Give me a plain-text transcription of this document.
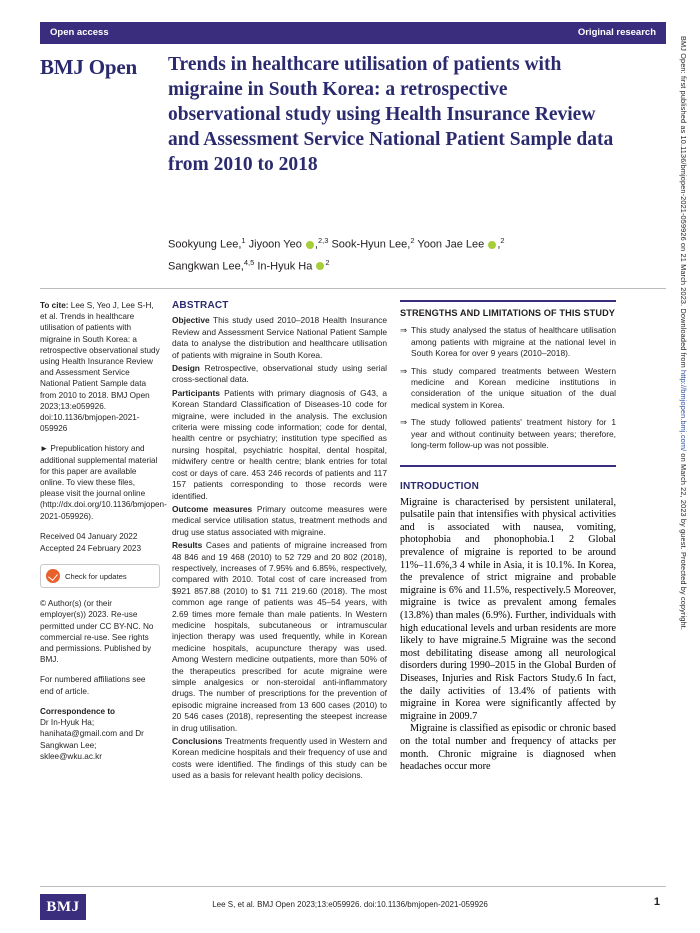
BMJ Open: first published as 10.1136/bmjopen-2021-059926 on 21 March 2023. Downloaded from http://bmjopen.bmj.com/ on March 22, 2023 by guest. Protected by copyright.
Open access	Original research
BMJ Open	Trends in healthcare utilisation of patients with migraine in South Korea: a retrospective observational study using Health Insurance Review and Assessment Service National Patient Sample data from 2010 to 2018
Sookyung Lee,$^1$ Jiyoon Yeo ,$^{2,3}$ Sook-Hyun Lee,$^2$ Yoon Jae Lee ,$^2$
Sangkwan Lee,$^{4,5}$ In-Hyuk Ha $^2$

To cite: Lee S, Yeo J, Lee S-H, et al. Trends in healthcare utilisation of patients with migraine in South Korea: a retrospective observational study using Health Insurance Review and Assessment Service National Patient Sample data from 2010 to 2018. BMJ Open 2023;13:e059926. doi:10.1136/bmjopen-2021-059926

► Prepublication history and additional supplemental material for this paper are available online. To view these files, please visit the journal online (http://dx.doi.org/10.1136/bmjopen-2021-059926).

Received 04 January 2022

Accepted 24 February 2023

Check for updates

© Author(s) (or their employer(s)) 2023. Re-use permitted under CC BY-NC. No commercial re-use. See rights and permissions. Published by BMJ.

For numbered affiliations see end of article.

Correspondence to
Dr In-Hyuk Ha; hanihata@gmail.com and Dr Sangkwan Lee; sklee@wku.ac.kr

ABSTRACT

Objective This study used 2010–2018 Health Insurance Review and Assessment Service National Patient Sample data to analyse the distribution and healthcare utilisation of patients with migraine in South Korea.

Design Retrospective, observational study using serial cross-sectional data.

Participants Patients with primary diagnosis of G43, a Korean Standard Classification of Diseases-10 code for migraine, were included in the analysis. The exclusion criteria were missing code information; code for dental, health centre or psychiatry; institution type specified as nursing hospital, psychiatric hospital, dental hospital, midwifery centre or health centre; blank entries for total cost or days of care. 453 246 records of patients and 117 157 patients corresponding to those records were identified.

Outcome measures Primary outcome measures were medical service utilisation status, treatment methods and drug use status associated with migraine.

Results Cases and patients of migraine increased from 48 846 and 19 468 (2010) to 52 729 and 20 802 (2018), respectively, increases of 7.95% and 6.85%, respectively, compared with 2010. Total cost of care increased from $921 857.88 (2010) to $1 711 219.60 (2018). The most common age range of patients was 45–54 years, with 2.69 times more female than male patients. In Western medicine hospitals, subcutaneous or intramuscular injection therapy was used frequently, while in Korean medicine hospitals, acupuncture therapy was used. Among Western medicine outpatients, more than 50% of the therapeutics prescribed for acute migraine were simple analgesics or non-steroidal anti-inflammatory drugs. The number of prescriptions for the prevention of episodic migraine increased from 13 600 cases (2010) to 20 546 cases (2018), representing the steepest increase in drug utilisation.

Conclusions Treatments frequently used in Western and Korean medicine hospitals and their frequency of use and costs were identified. The findings of this study can be used as a basis for relevant health policy decisions.

STRENGTHS AND LIMITATIONS OF THIS STUDY
⇒ This study analysed the status of healthcare utilisation among patients with migraine at the national level in South Korea for over 9 years (2010–2018).
⇒ This study compared treatments between Western medicine and Korean medicine institutions in consideration of the unique situation of the dual medical system in Korea.
⇒ The study followed patients' treatment history for 1 year and without continuity between years; therefore, long-term follow-up was not possible.
INTRODUCTION

Migraine is characterised by persistent unilateral, pulsatile pain that intensifies with physical activities and is associated with nausea, vomiting, photophobia and phonophobia.1 2 Global prevalence of migraine is reported to be around 11%–11.6%,3 4 while in Asia, it is 10.1%. In Korea, the prevalence of strict migraine and probable migraine is 6% and 11.5%, respectively.5 Moreover, migraine is twice as prevalent among females (13.8%) than males (6.9%). Further, individuals with high educational levels and urban residents are more likely to have migraine.5 Migraine was the second most debilitating disease among all neurological disorders during 1990–2015 in the Global Burden of Diseases, Injuries and Risk Factors Study.6 In fact, the daily activities of 13.4% of patients with migraine in Korea were significantly affected by migraine in 2009.7

Migraine is classified as episodic or chronic based on the total number and frequency of attacks per month. Chronic migraine is diagnosed when headaches occur more

BMJ	Lee S, et al. BMJ Open 2023;13:e059926. doi:10.1136/bmjopen-2021-059926	1
